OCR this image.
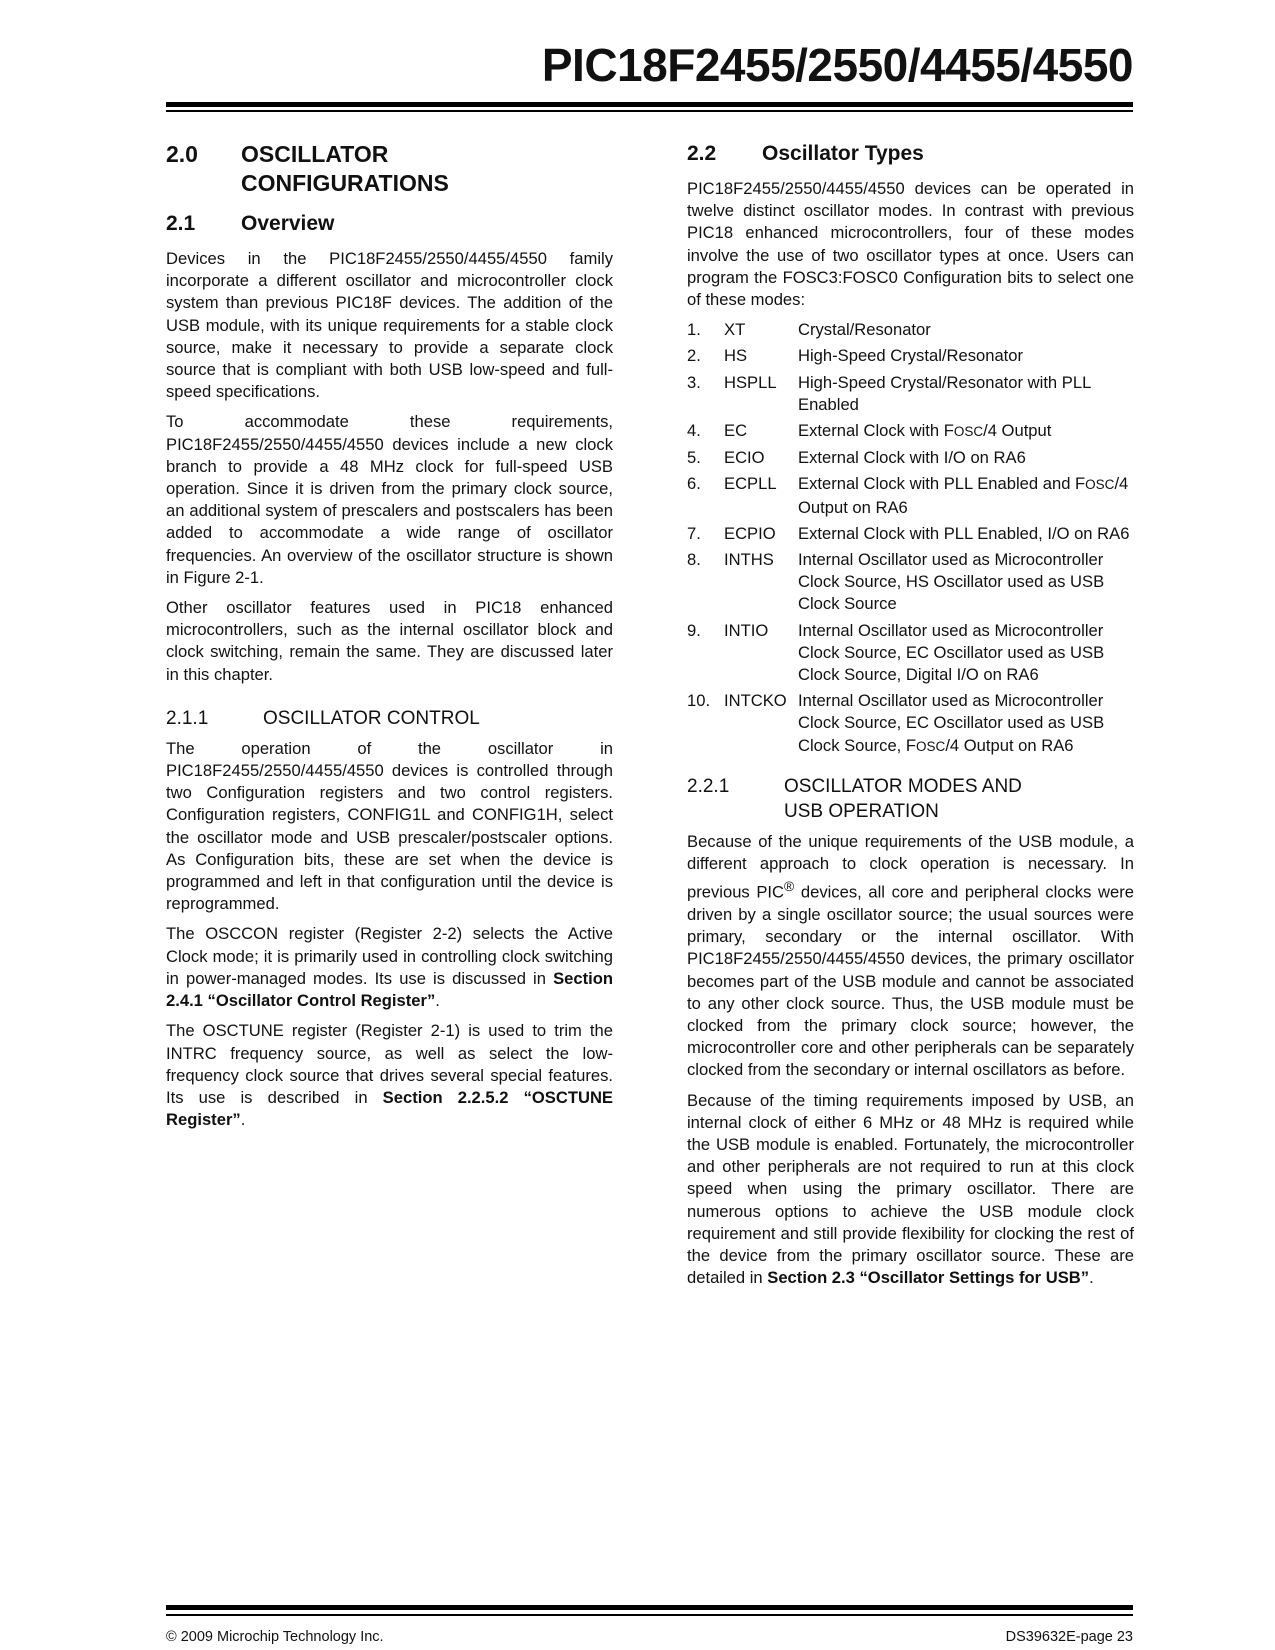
PIC18F2455/2550/4455/4550
2.0	OSCILLATOR
CONFIGURATIONS
2.1	Overview

Devices in the PIC18F2455/2550/4455/4550 family incorporate a different oscillator and microcontroller clock system than previous PIC18F devices. The addition of the USB module, with its unique requirements for a stable clock source, make it necessary to provide a separate clock source that is compliant with both USB low-speed and full-speed specifications.

To accommodate these requirements, PIC18F2455/2550/4455/4550 devices include a new clock branch to provide a 48 MHz clock for full-speed USB operation. Since it is driven from the primary clock source, an additional system of prescalers and postscalers has been added to accommodate a wide range of oscillator frequencies. An overview of the oscillator structure is shown in Figure 2-1.

Other oscillator features used in PIC18 enhanced microcontrollers, such as the internal oscillator block and clock switching, remain the same. They are discussed later in this chapter.

2.1.1	OSCILLATOR CONTROL

The operation of the oscillator in PIC18F2455/2550/4455/4550 devices is controlled through two Configuration registers and two control registers. Configuration registers, CONFIG1L and CONFIG1H, select the oscillator mode and USB prescaler/postscaler options. As Configuration bits, these are set when the device is programmed and left in that configuration until the device is reprogrammed.

The OSCCON register (Register 2-2) selects the Active Clock mode; it is primarily used in controlling clock switching in power-managed modes. Its use is discussed in Section 2.4.1 “Oscillator Control Register”.

The OSCTUNE register (Register 2-1) is used to trim the INTRC frequency source, as well as select the low-frequency clock source that drives several special features. Its use is described in Section 2.2.5.2 “OSCTUNE Register”.

2.2	Oscillator Types

PIC18F2455/2550/4455/4550 devices can be operated in twelve distinct oscillator modes. In contrast with previous PIC18 enhanced microcontrollers, four of these modes involve the use of two oscillator types at once. Users can program the FOSC3:FOSC0 Configuration bits to select one of these modes:

1.	XT	Crystal/Resonator
2.	HS	High-Speed Crystal/Resonator
3.	HSPLL	High-Speed Crystal/Resonator with PLL Enabled
4.	EC	External Clock with FOSC/4 Output
5.	ECIO	External Clock with I/O on RA6
6.	ECPLL	External Clock with PLL Enabled and FOSC/4 Output on RA6
7.	ECPIO	External Clock with PLL Enabled, I/O on RA6
8.	INTHS	Internal Oscillator used as Microcontroller Clock Source, HS Oscillator used as USB Clock Source
9.	INTIO	Internal Oscillator used as Microcontroller Clock Source, EC Oscillator used as USB Clock Source, Digital I/O on RA6
10. INTCKO Internal Oscillator used as Microcontroller Clock Source, EC Oscillator used as USB Clock Source, FOSC/4 Output on RA6
2.2.1	OSCILLATOR MODES AND
USB OPERATION

Because of the unique requirements of the USB module, a different approach to clock operation is necessary. In previous PIC® devices, all core and peripheral clocks were driven by a single oscillator source; the usual sources were primary, secondary or the internal oscillator. With PIC18F2455/2550/4455/4550 devices, the primary oscillator becomes part of the USB module and cannot be associated to any other clock source. Thus, the USB module must be clocked from the primary clock source; however, the microcontroller core and other peripherals can be separately clocked from the secondary or internal oscillators as before.

Because of the timing requirements imposed by USB, an internal clock of either 6 MHz or 48 MHz is required while the USB module is enabled. Fortunately, the microcontroller and other peripherals are not required to run at this clock speed when using the primary oscillator. There are numerous options to achieve the USB module clock requirement and still provide flexibility for clocking the rest of the device from the primary oscillator source. These are detailed in Section 2.3 “Oscillator Settings for USB”.

© 2009 Microchip Technology Inc.	DS39632E-page 23
